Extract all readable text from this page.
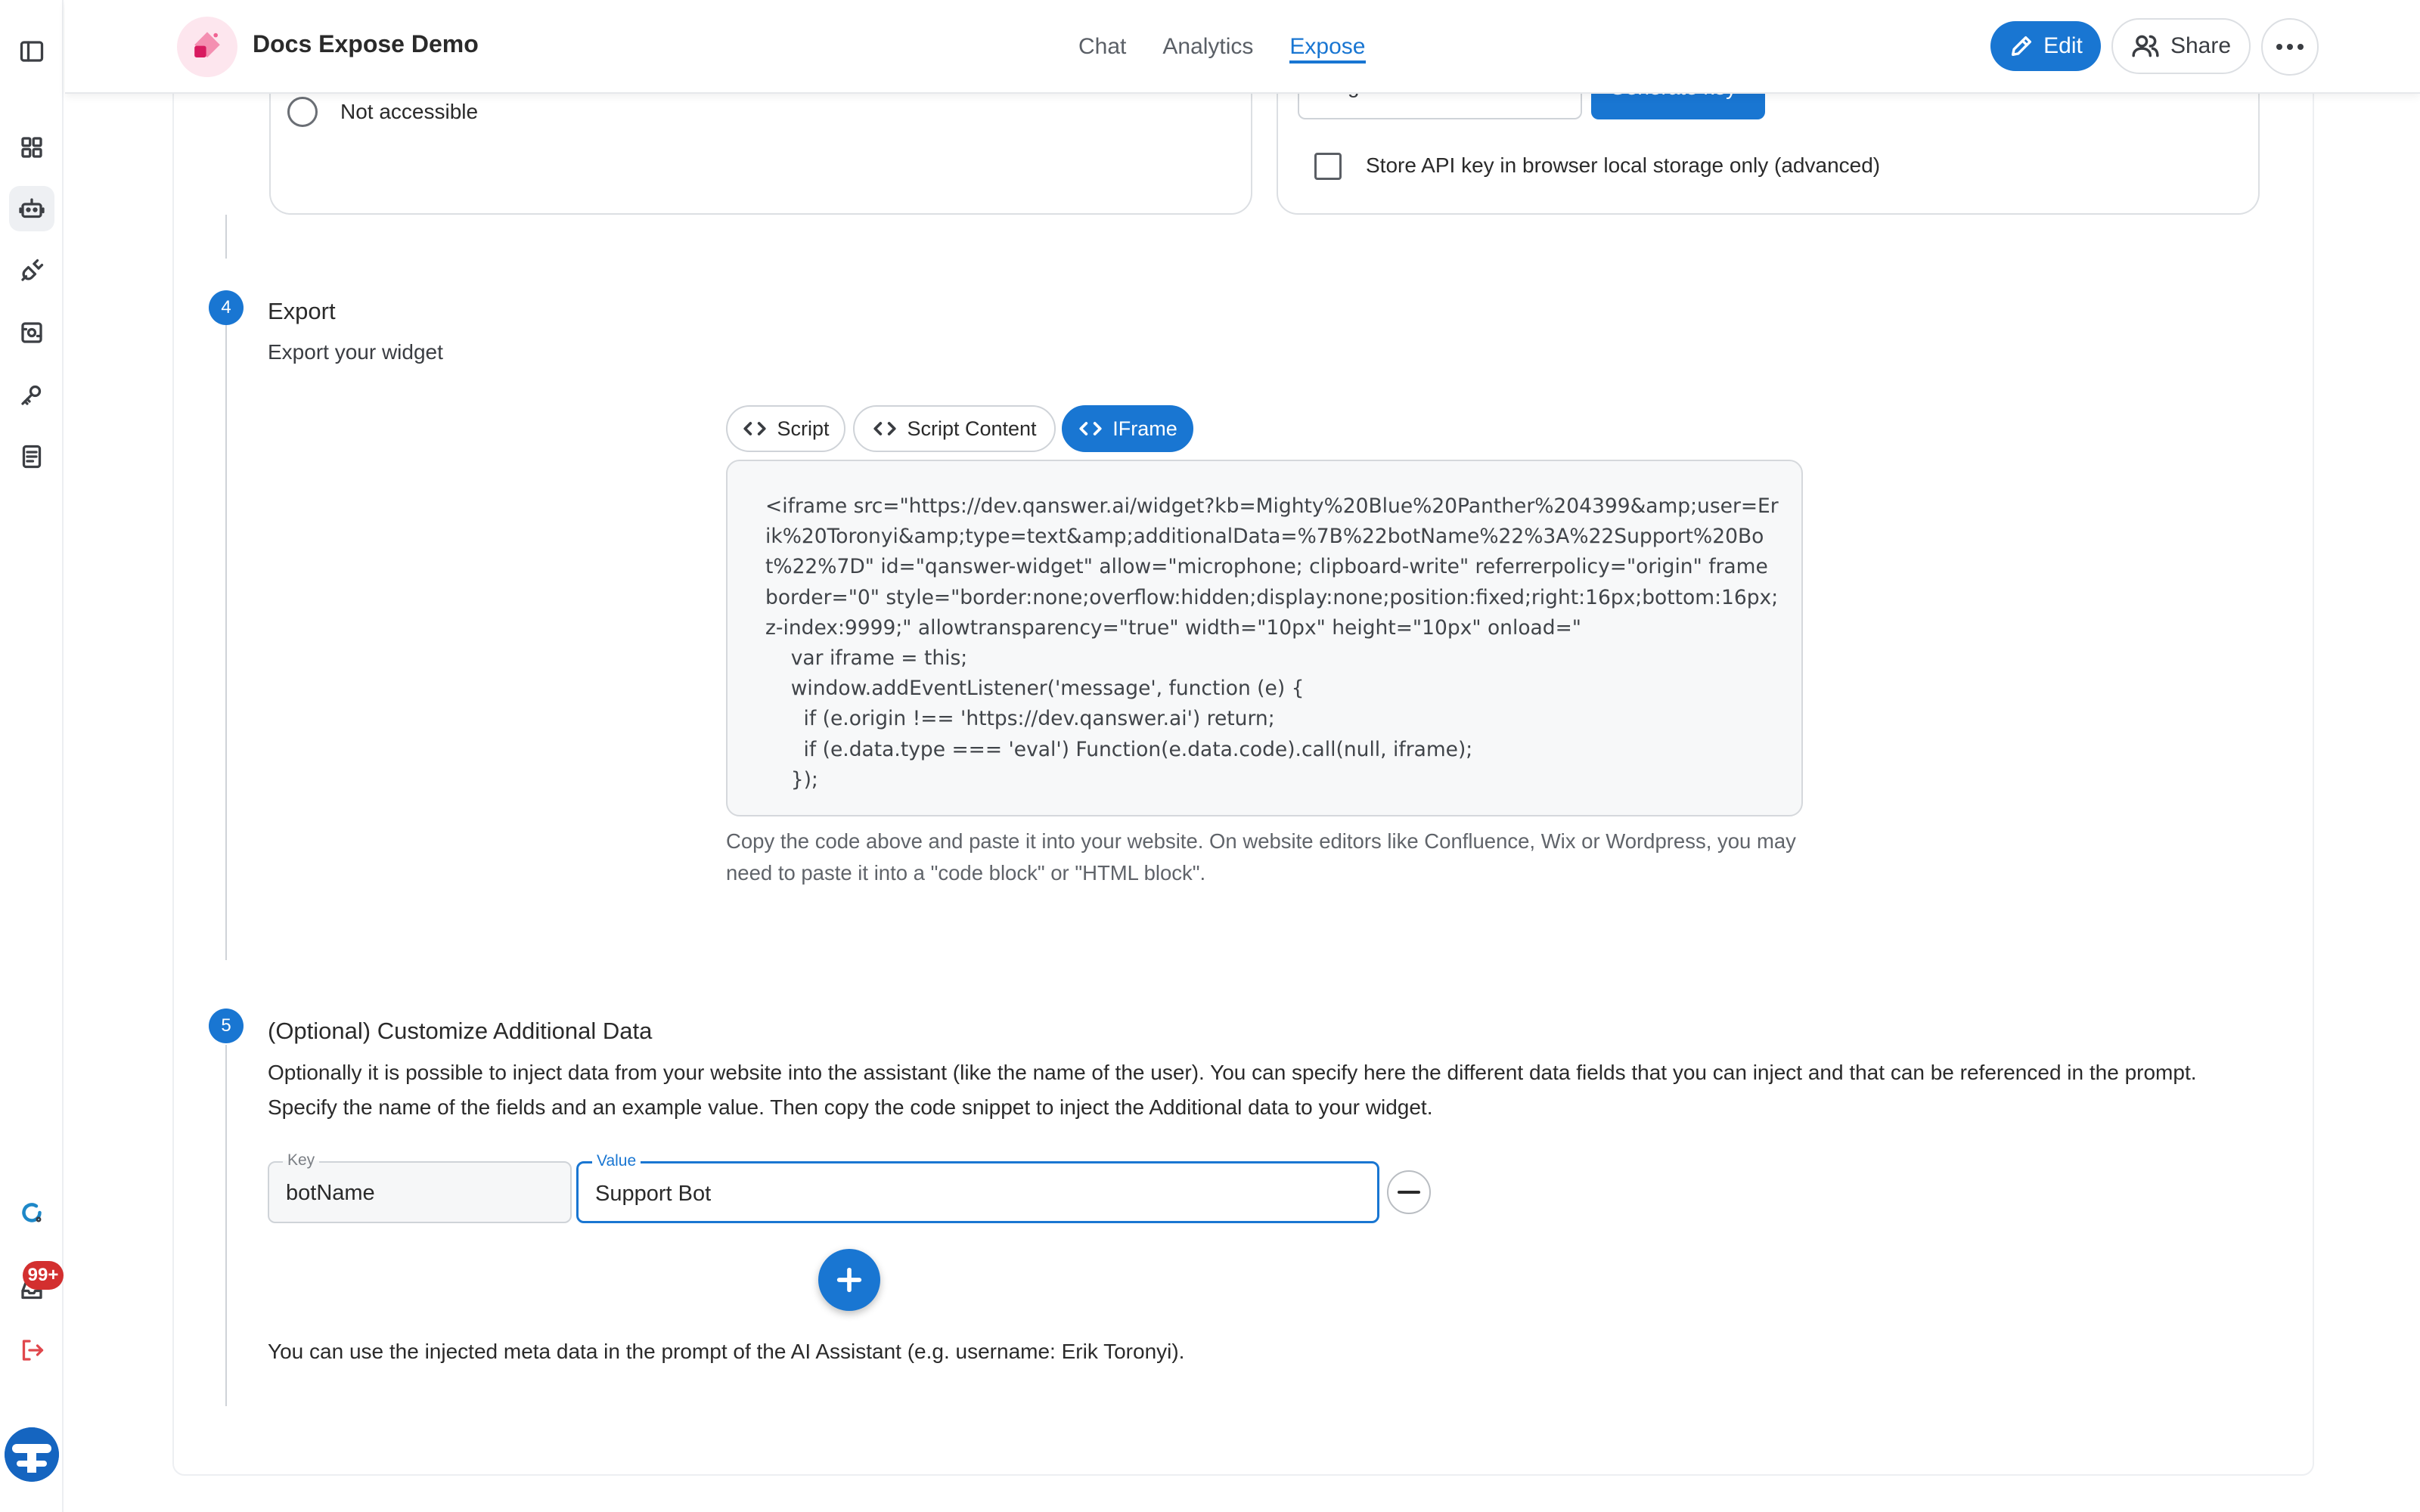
99+
Docs Expose Demo	Chat Analytics Expose	Edit	Share
Not accessible
Store API key in browser local storage only (advanced)
4	Export
Export your widget
Script	Script Content	IFrame
<iframe src="https://dev.qanswer.ai/widget?kb=Mighty%20Blue%20Panther%204399&amp;user=Erik%20Toronyi&amp;type=text&amp;additionalData=%7B%22botName%22%3A%22Support%20Bot%22%7D" id="qanswer-widget" allow="microphone; clipboard-write" referrerpolicy="origin" frameborder="0" style="border:none;overflow:hidden;display:none;position:fixed;right:16px;bottom:16px;z-index:9999;" allowtransparency="true" width="10px" height="10px" onload="
var iframe = this;
window.addEventListener('message', function (e) {
if (e.origin !== 'https://dev.qanswer.ai') return;
if (e.data.type === 'eval') Function(e.data.code).call(null, iframe);
});
Copy the code above and paste it into your website. On website editors like Confluence, Wix or Wordpress, you may need to paste it into a "code block" or "HTML block".
5	(Optional) Customize Additional Data
Optionally it is possible to inject data from your website into the assistant (like the name of the user). You can specify here the different data fields that you can inject and that can be referenced in the prompt. Specify the name of the fields and an example value. Then copy the code snippet to inject the Additional data to your widget.
Key
botName
Value
Support Bot
You can use the injected meta data in the prompt of the AI Assistant (e.g. username: Erik Toronyi).
